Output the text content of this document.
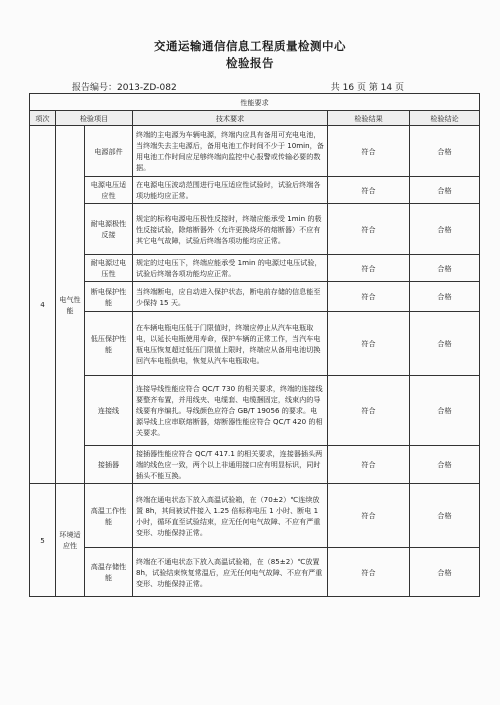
交通运输通信信息工程质量检测中心
检验报告
报告编号：2013-ZD-082	共 16 页 第 14 页
性能要求					
项次	检验项目		技术要求	检验结果	检验结论
4	电气性能	电源部件	终端的主电源为车辆电源，终端内应具有备用可充电电池，当终端失去主电源后，备用电池工作时间不少于 10min，备用电池工作时间应足够终端向监控中心报警或传输必要的数据。	符合	合格
		电源电压适应性	在电源电压波动范围进行电压适应性试验时，试验后终端各项功能均应正常。	符合	合格
		耐电源极性反接	规定的标称电源电压极性反接时，终端应能承受 1min 的极性反接试验，除熔断器外（允许更换烧坏的熔断器）不应有其它电气故障，试验后终端各项功能均应正常。	符合	合格
		耐电源过电压性	规定的过电压下，终端应能承受 1min 的电源过电压试验，试验后终端各项功能均应正常。	符合	合格
		断电保护性能	当终端断电，应自动进入保护状态，断电前存储的信息能至少保持 15 天。	符合	合格
		低压保护性能	在车辆电瓶电压低于门限值时，终端应停止从汽车电瓶取电，以延长电瓶使用寿命，保护车辆的正常工作，当汽车电瓶电压恢复超过低压门限值上限时，终端应从备用电池切换回汽车电瓶供电，恢复从汽车电瓶取电。	符合	合格
		连接线	连接导线性能应符合 QC/T 730 的相关要求，终端的连接线要整齐布置，并用线夹、电缆套、电缆捆固定，线束内的导线要有序编扎。导线颜色应符合 GB/T 19056 的要求。电源导线上应串联熔断器，熔断器性能应符合 QC/T 420 的相关要求。	符合	合格
		接插器	接插器性能应符合 QC/T 417.1 的相关要求，连接器插头两端的线色应一致，两个以上非通用接口应有明显标识，同时插头不能互换。	符合	合格
5	环境适应性	高温工作性能	终端在通电状态下放入高温试验箱，在（70±2）℃连续放置 8h，其间被试件接入 1.25 倍标称电压 1 小时、断电 1 小时，循环直至试验结束，应无任何电气故障、不应有严重变形、功能保持正常。	符合	合格
		高温存储性能	终端在不通电状态下放入高温试验箱，在（85±2）℃放置 8h，试验结束恢复常温后，应无任何电气故障、不应有严重变形、功能保持正常。	符合	合格
